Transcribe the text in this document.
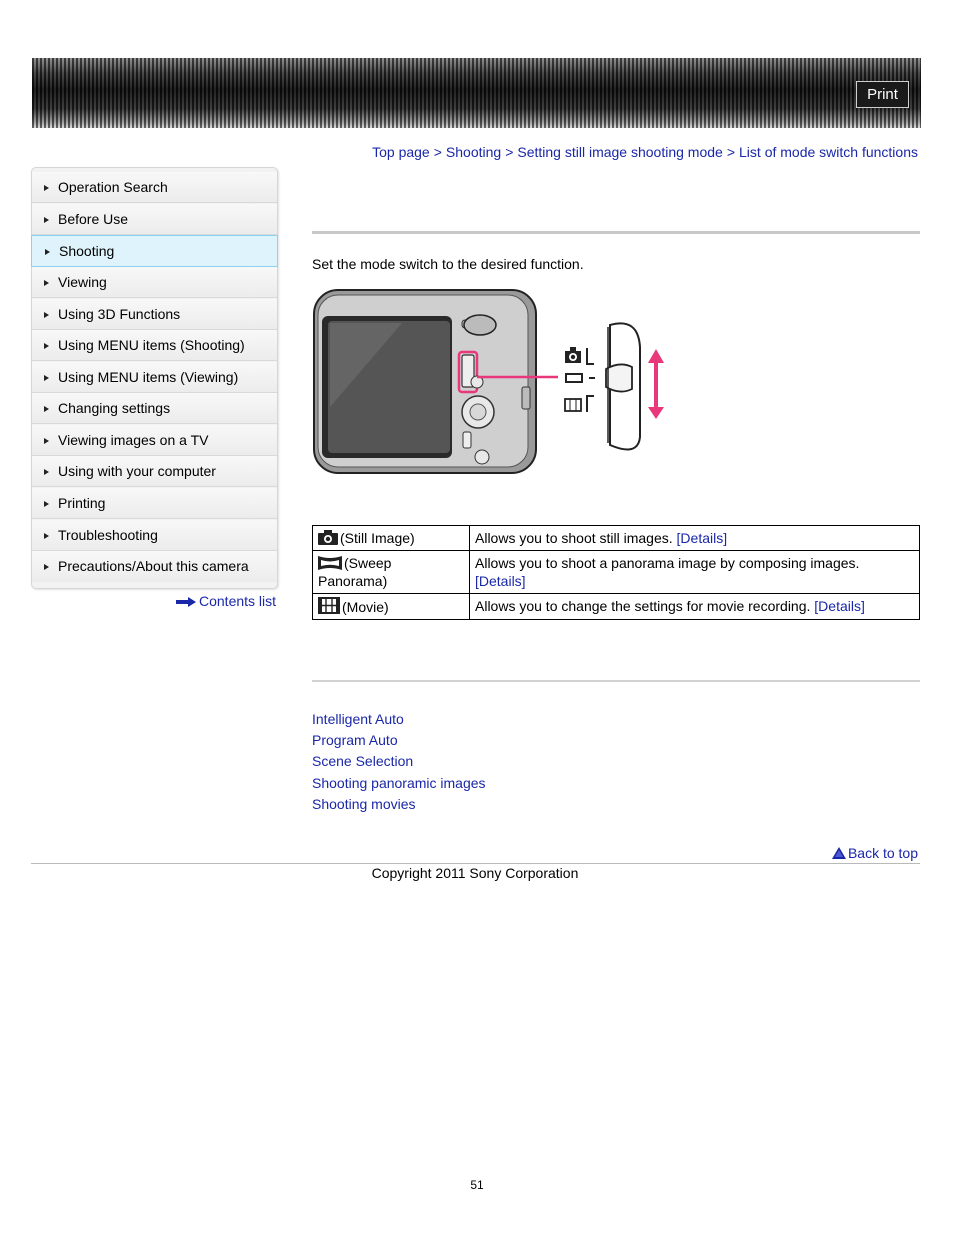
Print
Top page > Shooting > Setting still image shooting mode > List of mode switch functions
Operation Search
Before Use
Shooting
Viewing
Using 3D Functions
Using MENU items (Shooting)
Using MENU items (Viewing)
Changing settings
Viewing images on a TV
Using with your computer
Printing
Troubleshooting
Precautions/About this camera
Contents list
Set the mode switch to the desired function.
(Still Image)	Allows you to shoot still images. [Details]
(Sweep Panorama)	Allows you to shoot a panorama image by composing images.
[Details]
(Movie)	Allows you to change the settings for movie recording. [Details]
Intelligent Auto
Program Auto
Scene Selection
Shooting panoramic images
Shooting movies
Back to top
Copyright 2011 Sony Corporation
51
